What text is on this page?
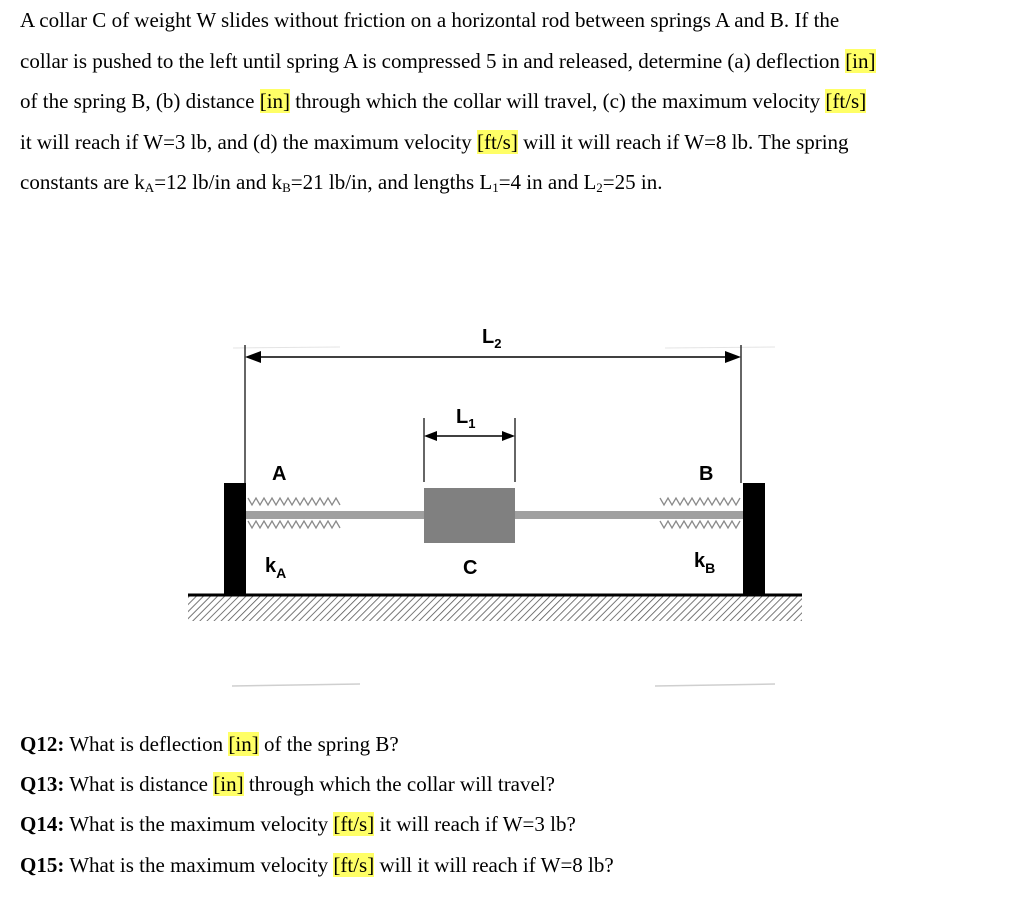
A collar C of weight W slides without friction on a horizontal rod between springs A and B. If the
collar is pushed to the left until spring A is compressed 5 in and released, determine (a) deflection [in]
of the spring B, (b) distance [in] through which the collar will travel, (c) the maximum velocity [ft/s]
it will reach if W=3 lb, and (d) the maximum velocity [ft/s] will it will reach if W=8 lb. The spring
constants are $k_A=12$ lb/in and $k_B=21$ lb/in, and lengths $L_1=4$ in and $L_2=25$ in.
$L_2$
$L_1$
A	B
$k_A$
$k_B$
C
Q12: What is deflection [in] of the spring B?
Q13: What is distance [in] through which the collar will travel?
Q14: What is the maximum velocity [ft/s] it will reach if W=3 lb?
Q15: What is the maximum velocity [ft/s] will it will reach if W=8 lb?
